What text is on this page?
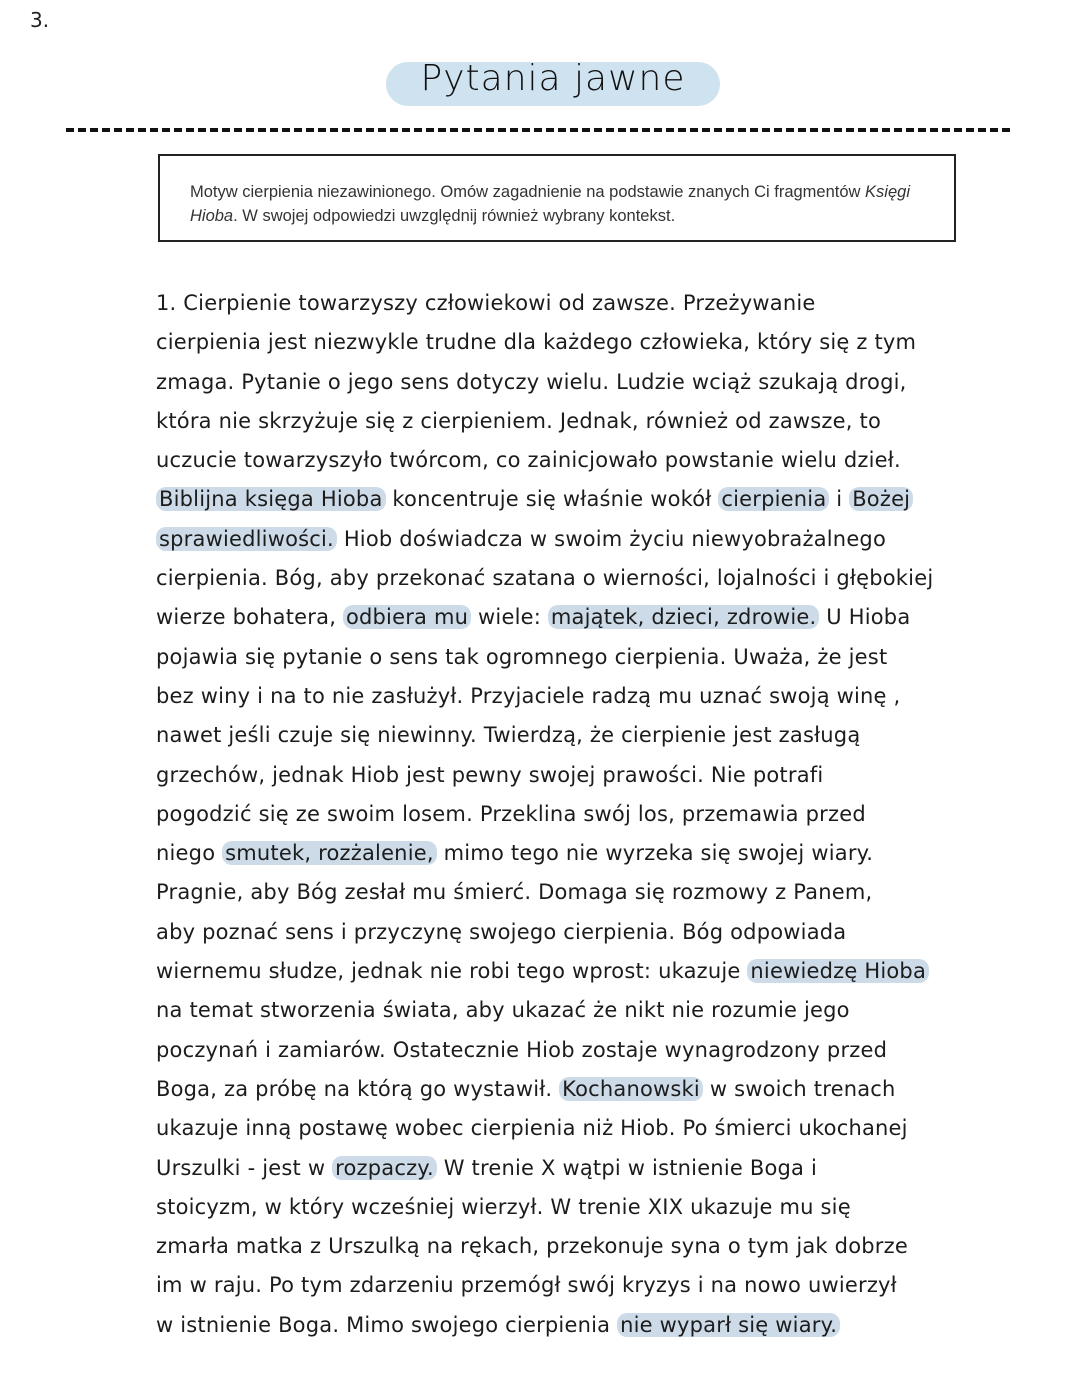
3.
Pytania jawne
Motyw cierpienia niezawinionego. Omów zagadnienie na podstawie znanych Ci fragmentów Księgi Hioba. W swojej odpowiedzi uwzględnij również wybrany kontekst.
1. Cierpienie towarzyszy człowiekowi od zawsze. Przeżywanie
cierpienia jest niezwykle trudne dla każdego człowieka, który się z tym
zmaga. Pytanie o jego sens dotyczy wielu. Ludzie wciąż szukają drogi,
która nie skrzyżuje się z cierpieniem. Jednak, również od zawsze, to
uczucie towarzyszyło twórcom, co zainicjowało powstanie wielu dzieł.
Biblijna księga Hioba koncentruje się właśnie wokół cierpienia i Bożej
sprawiedliwości. Hiob doświadcza w swoim życiu niewyobrażalnego
cierpienia. Bóg, aby przekonać szatana o wierności, lojalności i głębokiej
wierze bohatera, odbiera mu wiele: majątek, dzieci, zdrowie. U Hioba
pojawia się pytanie o sens tak ogromnego cierpienia. Uważa, że jest
bez winy i na to nie zasłużył. Przyjaciele radzą mu uznać swoją winę ,
nawet jeśli czuje się niewinny. Twierdzą, że cierpienie jest zasługą
grzechów, jednak Hiob jest pewny swojej prawości. Nie potrafi
pogodzić się ze swoim losem. Przeklina swój los, przemawia przed
niego smutek, rozżalenie, mimo tego nie wyrzeka się swojej wiary.
Pragnie, aby Bóg zesłał mu śmierć. Domaga się rozmowy z Panem,
aby poznać sens i przyczynę swojego cierpienia. Bóg odpowiada
wiernemu słudze, jednak nie robi tego wprost: ukazuje niewiedzę Hioba
na temat stworzenia świata, aby ukazać że nikt nie rozumie jego
poczynań i zamiarów. Ostatecznie Hiob zostaje wynagrodzony przed
Boga, za próbę na którą go wystawił. Kochanowski w swoich trenach
ukazuje inną postawę wobec cierpienia niż Hiob. Po śmierci ukochanej
Urszulki - jest w rozpaczy. W trenie X wątpi w istnienie Boga i
stoicyzm, w który wcześniej wierzył. W trenie XIX ukazuje mu się
zmarła matka z Urszulką na rękach, przekonuje syna o tym jak dobrze
im w raju. Po tym zdarzeniu przemógł swój kryzys i na nowo uwierzył
w istnienie Boga. Mimo swojego cierpienia nie wyparł się wiary.
